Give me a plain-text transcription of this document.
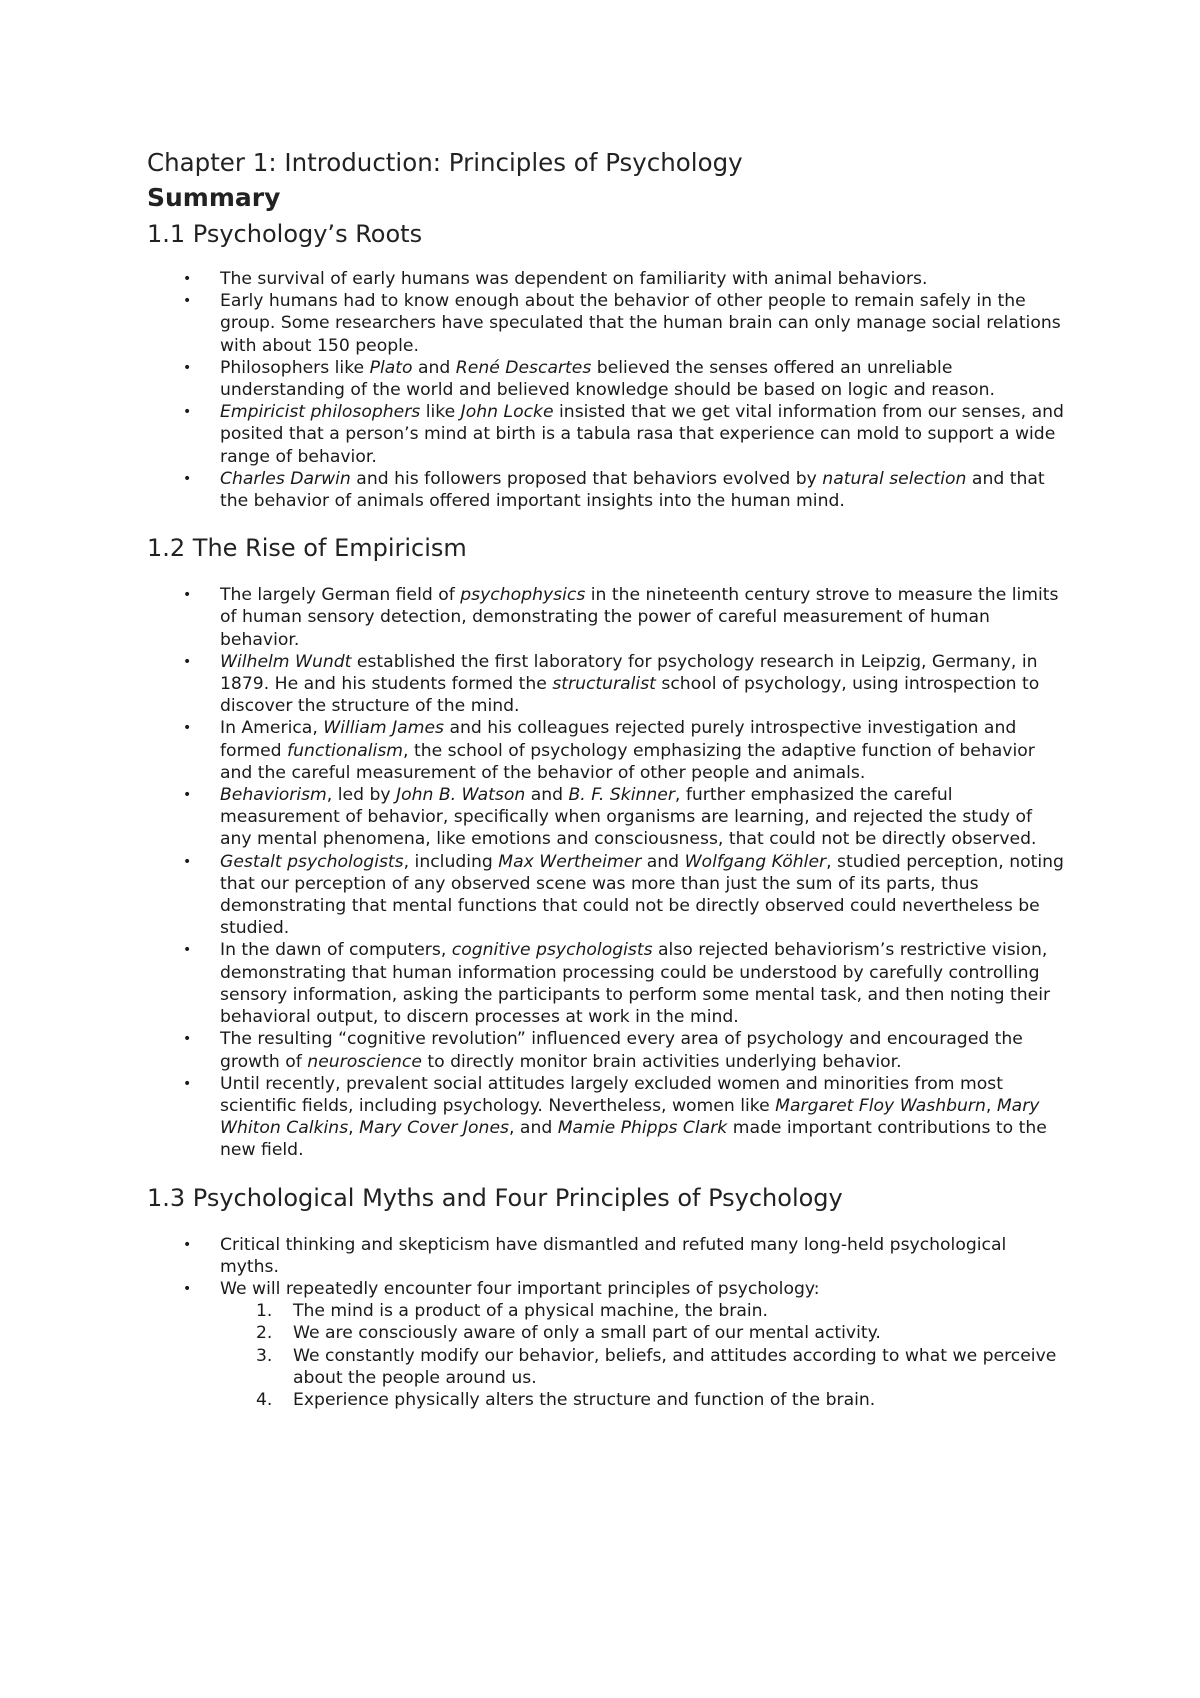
Chapter 1: Introduction: Principles of Psychology
Summary
1.1 Psychology’s Roots
• The survival of early humans was dependent on familiarity with animal behaviors.
• Early humans had to know enough about the behavior of other people to remain safely in the group. Some researchers have speculated that the human brain can only manage social relations with about 150 people.
• Philosophers like Plato and René Descartes believed the senses offered an unreliable understanding of the world and believed knowledge should be based on logic and reason.
• Empiricist philosophers like John Locke insisted that we get vital information from our senses, and posited that a person’s mind at birth is a tabula rasa that experience can mold to support a wide range of behavior.
• Charles Darwin and his followers proposed that behaviors evolved by natural selection and that the behavior of animals offered important insights into the human mind.
1.2 The Rise of Empiricism
• The largely German field of psychophysics in the nineteenth century strove to measure the limits of human sensory detection, demonstrating the power of careful measurement of human behavior.
• Wilhelm Wundt established the first laboratory for psychology research in Leipzig, Germany, in 1879. He and his students formed the structuralist school of psychology, using introspection to discover the structure of the mind.
• In America, William James and his colleagues rejected purely introspective investigation and formed functionalism, the school of psychology emphasizing the adaptive function of behavior and the careful measurement of the behavior of other people and animals.
• Behaviorism, led by John B. Watson and B. F. Skinner, further emphasized the careful measurement of behavior, specifically when organisms are learning, and rejected the study of any mental phenomena, like emotions and consciousness, that could not be directly observed.
• Gestalt psychologists, including Max Wertheimer and Wolfgang Köhler, studied perception, noting that our perception of any observed scene was more than just the sum of its parts, thus demonstrating that mental functions that could not be directly observed could nevertheless be studied.
• In the dawn of computers, cognitive psychologists also rejected behaviorism’s restrictive vision, demonstrating that human information processing could be understood by carefully controlling sensory information, asking the participants to perform some mental task, and then noting their behavioral output, to discern processes at work in the mind.
• The resulting “cognitive revolution” influenced every area of psychology and encouraged the growth of neuroscience to directly monitor brain activities underlying behavior.
• Until recently, prevalent social attitudes largely excluded women and minorities from most scientific fields, including psychology. Nevertheless, women like Margaret Floy Washburn, Mary Whiton Calkins, Mary Cover Jones, and Mamie Phipps Clark made important contributions to the new field.
1.3 Psychological Myths and Four Principles of Psychology
• Critical thinking and skepticism have dismantled and refuted many long-held psychological myths.
• We will repeatedly encounter four important principles of psychology:
1. The mind is a product of a physical machine, the brain.
2. We are consciously aware of only a small part of our mental activity.
3. We constantly modify our behavior, beliefs, and attitudes according to what we perceive about the people around us.
4. Experience physically alters the structure and function of the brain.
